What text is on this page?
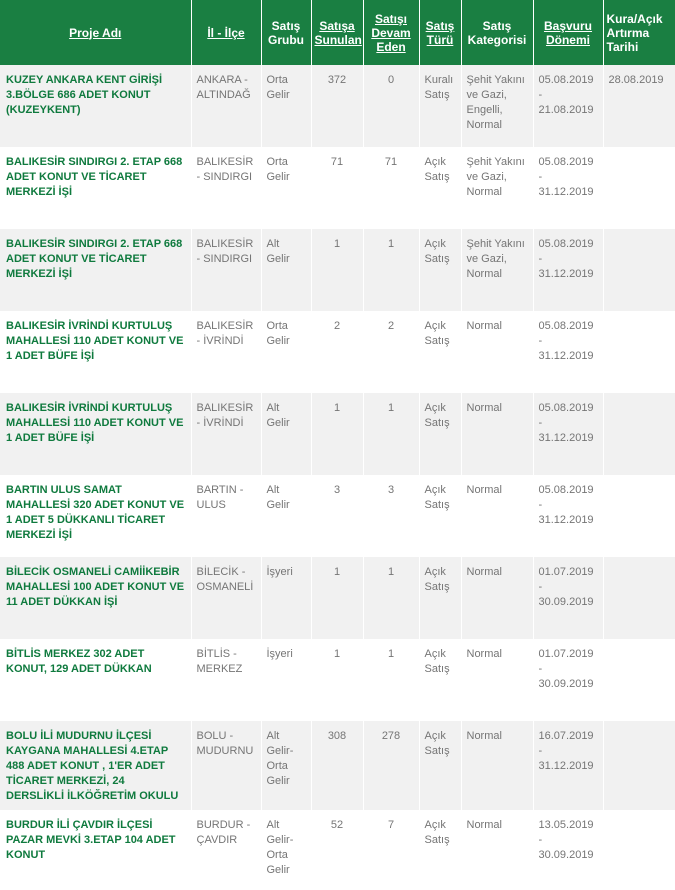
Proje Adı	İl - İlçe	Satış Grubu	Satışa Sunulan	Satışı Devam Eden	Satış Türü	Satış Kategorisi	Başvuru Dönemi	Kura/Açık Artırma Tarihi
KUZEY ANKARA KENT GİRİŞİ 3.BÖLGE 686 ADET KONUT (KUZEYKENT)	ANKARA - ALTINDAĞ	Orta Gelir	372	0	Kuralı Satış	Şehit Yakını ve Gazi, Engelli, Normal	05.08.2019 - 21.08.2019	28.08.2019
BALIKESİR SINDIRGI 2. ETAP 668 ADET KONUT VE TİCARET MERKEZİ İŞİ	BALIKESİR - SINDIRGI	Orta Gelir	71	71	Açık Satış	Şehit Yakını ve Gazi, Normal	05.08.2019 - 31.12.2019	
BALIKESİR SINDIRGI 2. ETAP 668 ADET KONUT VE TİCARET MERKEZİ İŞİ	BALIKESİR - SINDIRGI	Alt Gelir	1	1	Açık Satış	Şehit Yakını ve Gazi, Normal	05.08.2019 - 31.12.2019	
BALIKESİR İVRİNDİ KURTULUŞ MAHALLESİ 110 ADET KONUT VE 1 ADET BÜFE İŞİ	BALIKESİR - İVRİNDİ	Orta Gelir	2	2	Açık Satış	Normal	05.08.2019 - 31.12.2019	
BALIKESİR İVRİNDİ KURTULUŞ MAHALLESİ 110 ADET KONUT VE 1 ADET BÜFE İŞİ	BALIKESİR - İVRİNDİ	Alt Gelir	1	1	Açık Satış	Normal	05.08.2019 - 31.12.2019	
BARTIN ULUS SAMAT MAHALLESİ 320 ADET KONUT VE 1 ADET 5 DÜKKANLI TİCARET MERKEZİ İŞİ	BARTIN - ULUS	Alt Gelir	3	3	Açık Satış	Normal	05.08.2019 - 31.12.2019	
BİLECİK OSMANELİ CAMİİKEBİR MAHALLESİ 100 ADET KONUT VE 11 ADET DÜKKAN İŞİ	BİLECİK - OSMANELİ	İşyeri	1	1	Açık Satış	Normal	01.07.2019 - 30.09.2019	
BİTLİS MERKEZ 302 ADET KONUT, 129 ADET DÜKKAN	BİTLİS - MERKEZ	İşyeri	1	1	Açık Satış	Normal	01.07.2019 - 30.09.2019	
BOLU İLİ MUDURNU İLÇESİ KAYGANA MAHALLESİ 4.ETAP 488 ADET KONUT , 1'ER ADET TİCARET MERKEZİ, 24 DERSLİKLİ İLKÖĞRETİM OKULU	BOLU - MUDURNU	Alt Gelir- Orta Gelir	308	278	Açık Satış	Normal	16.07.2019 - 31.12.2019	
BURDUR İLİ ÇAVDIR İLÇESİ PAZAR MEVKİ 3.ETAP 104 ADET KONUT	BURDUR - ÇAVDIR	Alt Gelir- Orta Gelir	52	7	Açık Satış	Normal	13.05.2019 - 30.09.2019	
